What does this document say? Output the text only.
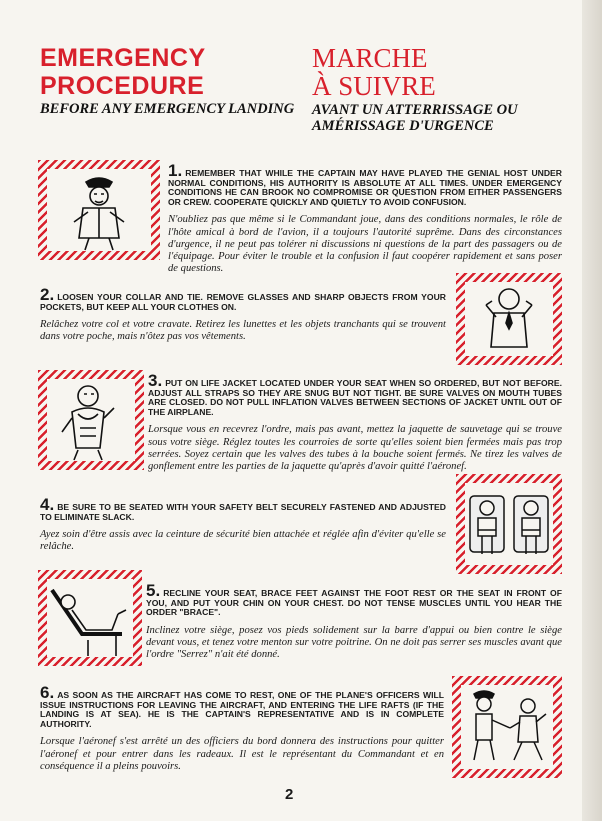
EMERGENCY
PROCEDURE
BEFORE ANY EMERGENCY LANDING
MARCHE
À SUIVRE
AVANT UN ATTERRISSAGE OU
AMÉRISSAGE D'URGENCE

1. REMEMBER THAT WHILE THE CAPTAIN MAY HAVE PLAYED THE GENIAL HOST UNDER NORMAL CONDITIONS, HIS AUTHORITY IS ABSOLUTE AT ALL TIMES. UNDER EMERGENCY CONDITIONS HE CAN BROOK NO COMPROMISE OR QUESTION FROM EITHER PASSENGERS OR CREW. COOPERATE QUICKLY AND QUIETLY TO AVOID CONFUSION.

N'oubliez pas que même si le Commandant joue, dans des conditions normales, le rôle de l'hôte amical à bord de l'avion, il a toujours l'autorité suprême. Dans des circonstances d'urgence, il ne peut pas tolérer ni discussions ni questions de la part des passagers ou de l'équipage. Pour éviter le trouble et la confusion il faut coopérer rapidement et sans poser de questions.

2. LOOSEN YOUR COLLAR AND TIE. REMOVE GLASSES AND SHARP OBJECTS FROM YOUR POCKETS, BUT KEEP ALL YOUR CLOTHES ON.

Relâchez votre col et votre cravate. Retirez les lunettes et les objets tranchants qui se trouvent dans votre poche, mais n'ôtez pas vos vêtements.

3. PUT ON LIFE JACKET LOCATED UNDER YOUR SEAT WHEN SO ORDERED, BUT NOT BEFORE. ADJUST ALL STRAPS SO THEY ARE SNUG BUT NOT TIGHT. BE SURE VALVES ON MOUTH TUBES ARE CLOSED. DO NOT PULL INFLATION VALVES BETWEEN SECTIONS OF JACKET UNTIL OUT OF THE AIRPLANE.

Lorsque vous en recevrez l'ordre, mais pas avant, mettez la jaquette de sauvetage qui se trouve sous votre siège. Réglez toutes les courroies de sorte qu'elles soient bien fermées mais pas trop serrées. Soyez certain que les valves des tubes à la bouche soient fermés. Ne tirez les valves de gonflement entre les parties de la jaquette qu'après d'avoir quitté l'aéronef.

4. BE SURE TO BE SEATED WITH YOUR SAFETY BELT SECURELY FASTENED AND ADJUSTED TO ELIMINATE SLACK.

Ayez soin d'être assis avec la ceinture de sécurité bien attachée et réglée afin d'éviter qu'elle se relâche.

5. RECLINE YOUR SEAT, BRACE FEET AGAINST THE FOOT REST OR THE SEAT IN FRONT OF YOU, AND PUT YOUR CHIN ON YOUR CHEST. DO NOT TENSE MUSCLES UNTIL YOU HEAR THE ORDER "BRACE".

Inclinez votre siège, posez vos pieds solidement sur la barre d'appui ou bien contre le siège devant vous, et tenez votre menton sur votre poitrine. On ne doit pas serrer ses muscles avant que l'ordre "Serrez" n'ait été donné.

6. AS SOON AS THE AIRCRAFT HAS COME TO REST, ONE OF THE PLANE'S OFFICERS WILL ISSUE INSTRUCTIONS FOR LEAVING THE AIRCRAFT, AND ENTERING THE LIFE RAFTS (IF THE LANDING IS AT SEA). HE IS THE CAPTAIN'S REPRESENTATIVE AND IS IN COMPLETE AUTHORITY.

Lorsque l'aéronef s'est arrêté un des officiers du bord donnera des instructions pour quitter l'aéronef et pour entrer dans les radeaux. Il est le représentant du Commandant et en conséquence il a pleins pouvoirs.

2
